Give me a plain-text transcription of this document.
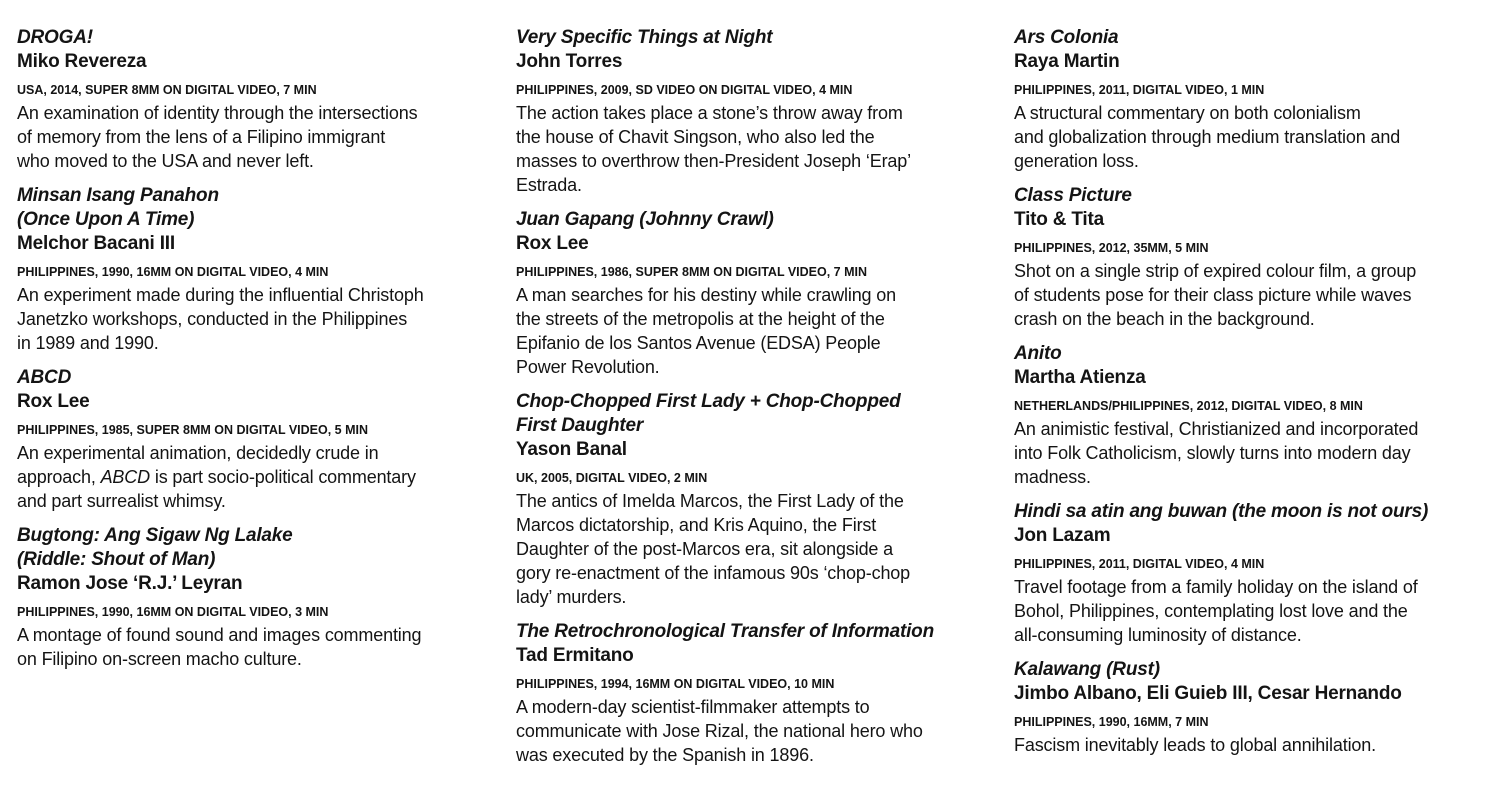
DROGA!
Miko Revereza
USA, 2014, SUPER 8MM ON DIGITAL VIDEO, 7 MIN
An examination of identity through the intersections
of memory from the lens of a Filipino immigrant
who moved to the USA and never left.
Minsan Isang Panahon
(Once Upon A Time)
Melchor Bacani III
PHILIPPINES, 1990, 16MM ON DIGITAL VIDEO, 4 MIN
An experiment made during the influential Christoph
Janetzko workshops, conducted in the Philippines
in 1989 and 1990.
ABCD
Rox Lee
PHILIPPINES, 1985, SUPER 8MM ON DIGITAL VIDEO, 5 MIN
An experimental animation, decidedly crude in
approach, ABCD is part socio-political commentary
and part surrealist whimsy.
Bugtong: Ang Sigaw Ng Lalake
(Riddle: Shout of Man)
Ramon Jose ‘R.J.’ Leyran
PHILIPPINES, 1990, 16MM ON DIGITAL VIDEO, 3 MIN
A montage of found sound and images commenting
on Filipino on-screen macho culture.
Very Specific Things at Night
John Torres
PHILIPPINES, 2009, SD VIDEO ON DIGITAL VIDEO, 4 MIN
The action takes place a stone’s throw away from
the house of Chavit Singson, who also led the
masses to overthrow then-President Joseph ‘Erap’
Estrada.
Juan Gapang (Johnny Crawl)
Rox Lee
PHILIPPINES, 1986, SUPER 8MM ON DIGITAL VIDEO, 7 MIN
A man searches for his destiny while crawling on
the streets of the metropolis at the height of the
Epifanio de los Santos Avenue (EDSA) People
Power Revolution.
Chop-Chopped First Lady + Chop-Chopped
First Daughter
Yason Banal
UK, 2005, DIGITAL VIDEO, 2 MIN
The antics of Imelda Marcos, the First Lady of the
Marcos dictatorship, and Kris Aquino, the First
Daughter of the post-Marcos era, sit alongside a
gory re-enactment of the infamous 90s ‘chop-chop
lady’ murders.
The Retrochronological Transfer of Information
Tad Ermitano
PHILIPPINES, 1994, 16MM ON DIGITAL VIDEO, 10 MIN
A modern-day scientist-filmmaker attempts to
communicate with Jose Rizal, the national hero who
was executed by the Spanish in 1896.
Ars Colonia
Raya Martin
PHILIPPINES, 2011, DIGITAL VIDEO, 1 MIN
A structural commentary on both colonialism
and globalization through medium translation and
generation loss.
Class Picture
Tito & Tita
PHILIPPINES, 2012, 35MM, 5 MIN
Shot on a single strip of expired colour film, a group
of students pose for their class picture while waves
crash on the beach in the background.
Anito
Martha Atienza
NETHERLANDS/PHILIPPINES, 2012, DIGITAL VIDEO, 8 MIN
An animistic festival, Christianized and incorporated
into Folk Catholicism, slowly turns into modern day
madness.
Hindi sa atin ang buwan (the moon is not ours)
Jon Lazam
PHILIPPINES, 2011, DIGITAL VIDEO, 4 MIN
Travel footage from a family holiday on the island of
Bohol, Philippines, contemplating lost love and the
all-consuming luminosity of distance.
Kalawang (Rust)
Jimbo Albano, Eli Guieb III, Cesar Hernando
PHILIPPINES, 1990, 16MM, 7 MIN
Fascism inevitably leads to global annihilation.
